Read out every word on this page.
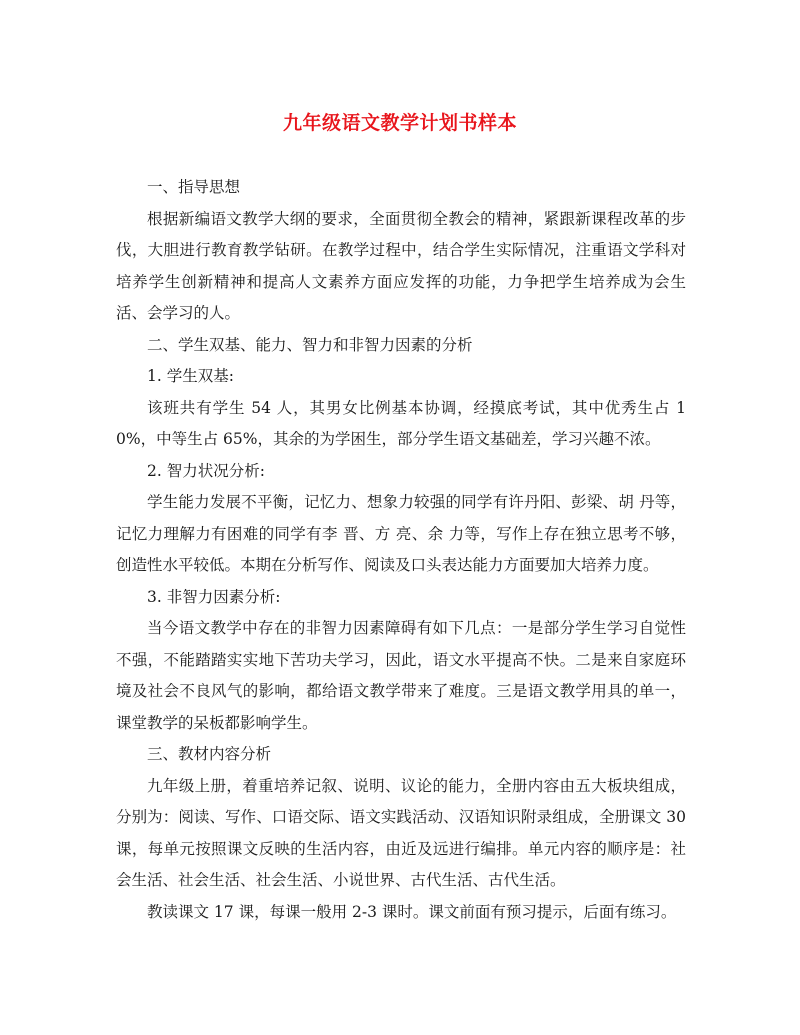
九年级语文教学计划书样本

一、指导思想

根据新编语文教学大纲的要求，全面贯彻全教会的精神，紧跟新课程改革的步伐，大胆进行教育教学钻研。在教学过程中，结合学生实际情况，注重语文学科对培养学生创新精神和提高人文素养方面应发挥的功能，力争把学生培养成为会生活、会学习的人。

二、学生双基、能力、智力和非智力因素的分析

1. 学生双基:

该班共有学生 54 人，其男女比例基本协调，经摸底考试，其中优秀生占 10%，中等生占 65%，其余的为学困生，部分学生语文基础差，学习兴趣不浓。

2. 智力状况分析:

学生能力发展不平衡，记忆力、想象力较强的同学有许丹阳、彭梁、胡 丹等，记忆力理解力有困难的同学有李 晋、方 亮、余 力等，写作上存在独立思考不够，创造性水平较低。本期在分析写作、阅读及口头表达能力方面要加大培养力度。

3. 非智力因素分析:

当今语文教学中存在的非智力因素障碍有如下几点：一是部分学生学习自觉性不强，不能踏踏实实地下苦功夫学习，因此，语文水平提高不快。二是来自家庭环境及社会不良风气的影响，都给语文教学带来了难度。三是语文教学用具的单一，课堂教学的呆板都影响学生。

三、教材内容分析

九年级上册，着重培养记叙、说明、议论的能力，全册内容由五大板块组成，分别为：阅读、写作、口语交际、语文实践活动、汉语知识附录组成，全册课文 30 课，每单元按照课文反映的生活内容，由近及远进行编排。单元内容的顺序是：社会生活、社会生活、社会生活、小说世界、古代生活、古代生活。

教读课文 17 课，每课一般用 2-3 课时。课文前面有预习提示，后面有练习。
